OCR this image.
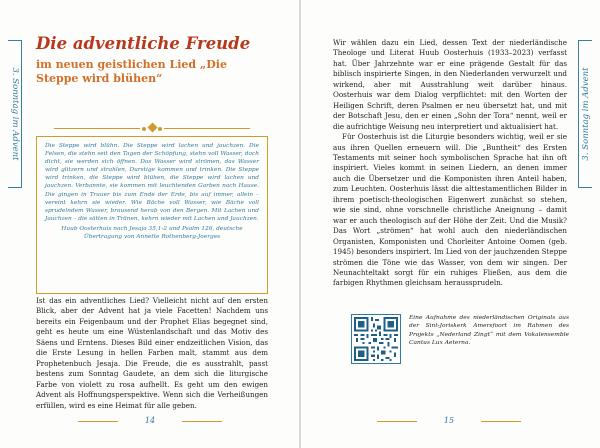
3. Sonntag im Advent
Die adventliche Freude
im neuen geistlichen Lied „Die Steppe wird blühen“

Die Steppe wird blühn. Die Steppe wird lachen und jauchzen. Die Felsen, die stehn seit den Tagen der Schöpfung, stehn voll Wasser, doch dicht, sie werden sich öffnen. Das Wasser wird strömen, das Wasser wird glitzern und strahlen, Durstige kommen und trinken. Die Steppe wird trinken, die Steppe wird blühen, die Steppe wird lachen und jauchzen. Verbannte, sie kommen mit leuchtenden Garben nach Hause. Die gingen in Trauer bis zum Ende der Erde, bis auf immer, allein – vereint kehrn sie wieder. Wie Bäche voll Wasser, wie Bäche voll sprudelndem Wasser, brausend herab von den Bergen. Mit Lachen und Jauchzen – die sätten in Tränen, kehrn wieder mit Lachen und Jauchzen.

Huub Oosterhuis nach Jesaja 35,1-2 und Psalm 126, deutsche Übertragung von Annette Rothenberg-Joerges

Ist das ein adventliches Lied? Vielleicht nicht auf den ersten Blick, aber der Advent hat ja viele Facetten! Nachdem uns bereits ein Feigenbaum und der Prophet Elias begegnet sind, geht es heute um eine Wüstenlandschaft und das Motiv des Säens und Erntens. Dieses Bild einer endzeitlichen Vision, das die Erste Lesung in hellen Farben malt, stammt aus dem Prophetenbuch Jesaja. Die Freude, die es ausstrahlt, passt bestens zum Sonntag Gaudete, an dem sich die liturgische Farbe von violett zu rosa aufhellt. Es geht um den ewigen Advent als Hoffnungsperspektive. Wenn sich die Verheißungen erfüllen, wird es eine Heimat für alle geben.

14
3. Sonntag im Advent

Wir wählen dazu ein Lied, dessen Text der niederländische Theologe und Literat Huub Oosterhuis (1933–2023) verfasst hat. Über Jahrzehnte war er eine prägende Gestalt für das biblisch inspirierte Singen, in den Niederlanden verwurzelt und wirkend, aber mit Ausstrahlung weit darüber hinaus. Oosterhuis war dem Dialog verpflichtet: mit den Worten der Heiligen Schrift, deren Psalmen er neu übersetzt hat, und mit der Botschaft Jesu, den er einen „Sohn der Tora“ nennt, weil er die aufrichtige Weisung neu interpretiert und aktualisiert hat.

Für Oosterhuis ist die Liturgie besonders wichtig, weil er sie aus ihren Quellen erneuern will. Die „Buntheit“ des Ersten Testaments mit seiner hoch symbolischen Sprache hat ihn oft inspiriert. Vieles kommt in seinen Liedern, an denen immer auch die Übersetzer und die Komponisten ihren Anteil haben, zum Leuchten. Oosterhuis lässt die alttestamentlichen Bilder in ihrem poetisch-theologischen Eigenwert zunächst so stehen, wie sie sind, ohne vorschnelle christliche Aneignung – damit war er auch theologisch auf der Höhe der Zeit. Und die Musik? Das Wort „strömen“ hat wohl auch den niederländischen Organisten, Komponisten und Chorleiter Antoine Oomen (geb. 1945) besonders inspiriert. Im Lied von der jauchzenden Steppe strömen die Töne wie das Wasser, von dem wir singen. Der Neunachteltakt sorgt für ein ruhiges Fließen, aus dem die farbigen Rhythmen gleichsam heraussprudeln.

Eine Aufnahme des niederländischen Originals aus der Sint-Joriskerk Amersfoort im Rahmen des Projekts „Nederland Zingt“ mit dem Vokalensemble Cantus Lux Aeterna.

15
